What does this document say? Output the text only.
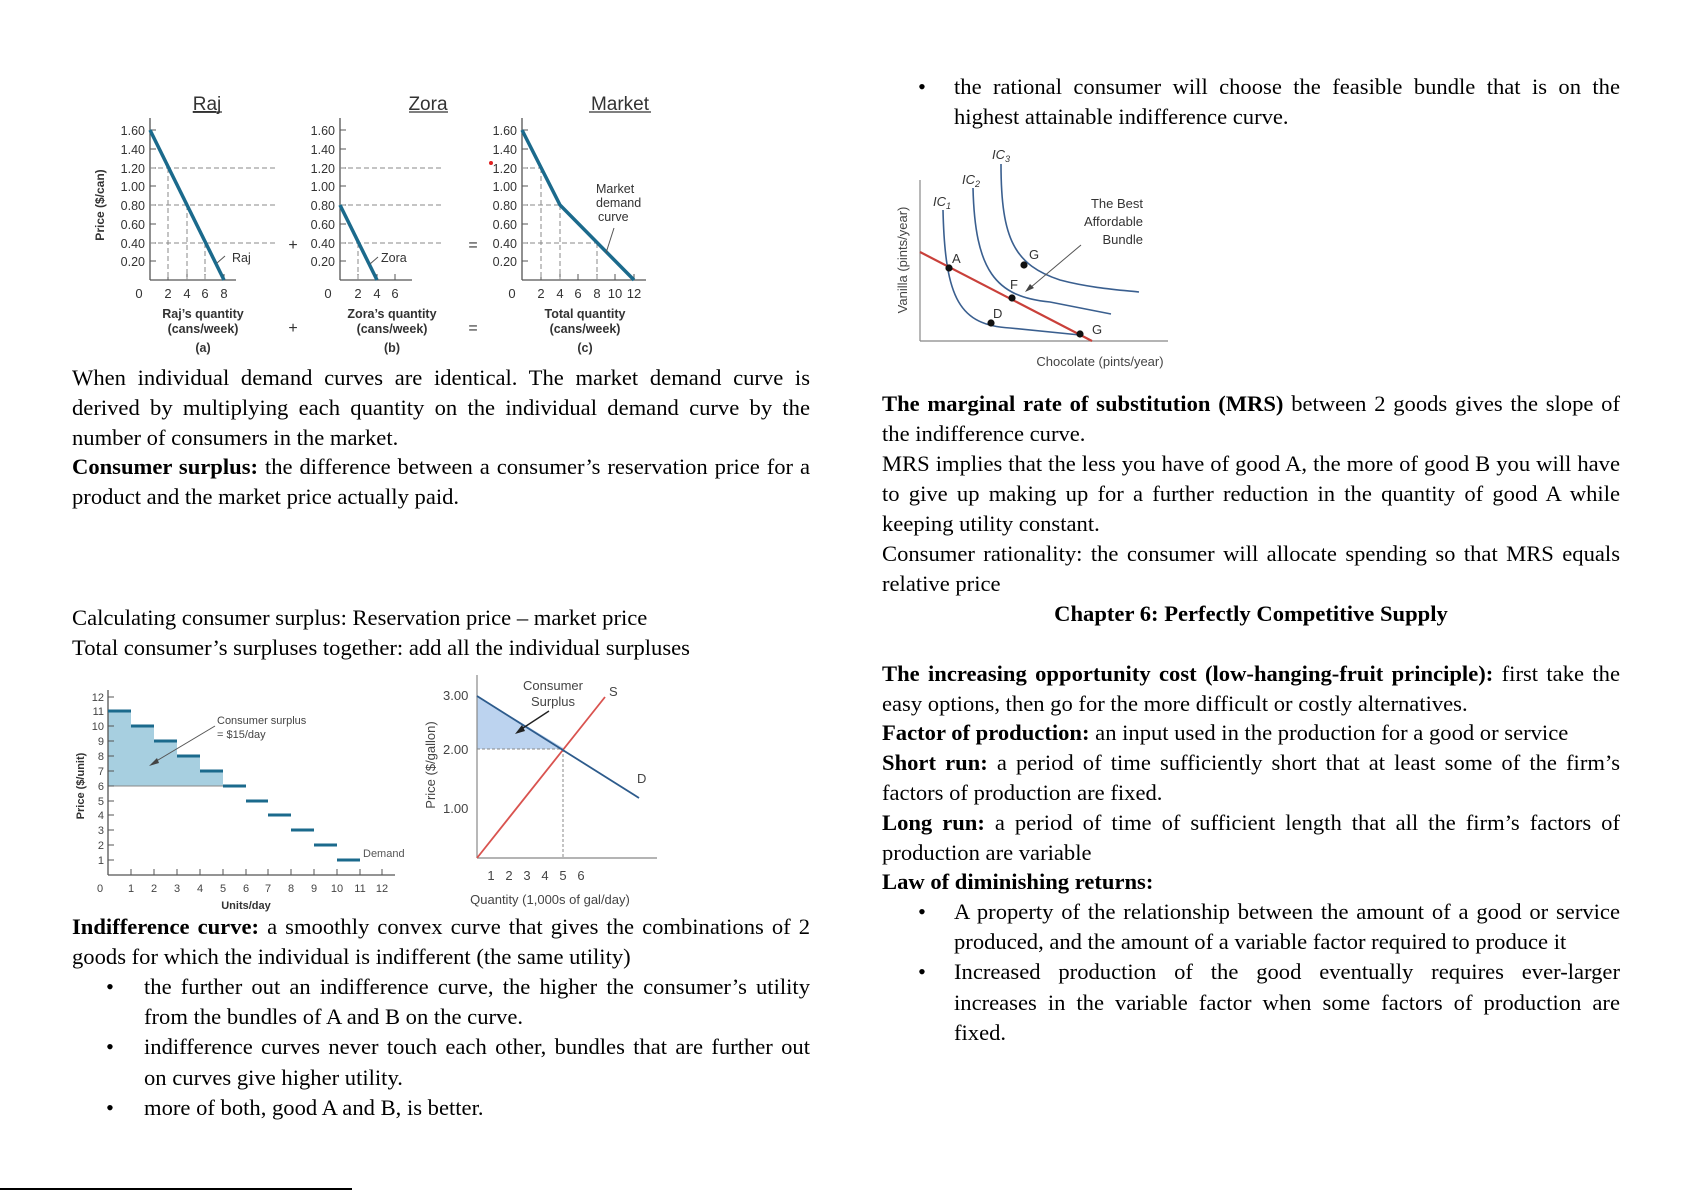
Raj	Zora	Market
Price ($/can)
1.60
1.40
1.20
1.00
0.80
0.60
0.40
0.20	Raj
0 2 4 6 8
Raj’s quantity
(cans/week)
(a)
+
+
1.60
1.40
1.20
1.00
0.80
0.60
0.40
0.20	Zora
0 2 4 6
Zora’s quantity
(cans/week)
(b)
=
=
1.60
1.40
1.20
1.00
0.80
0.60
0.40
0.20
Market
demand
curve
0 2 4 6 8 10 12
Total quantity
(cans/week)
(c)
When individual demand curves are identical. The market demand curve is derived by multiplying each quantity on the individual demand curve by the number of consumers in the market.
Consumer surplus: the difference between a consumer’s reservation price for a product and the market price actually paid.
Calculating consumer surplus: Reservation price – market price
Total consumer’s surpluses together: add all the individual surpluses
12
11
10
9
8
7
6
5
4
3
2
1
Price ($/unit)
0 1 2 3 4 5 6 7 8 9 10 11 12
Units/day
Demand
Consumer surplus
= $15/day
3.00
2.00
1.00
Price ($/gallon)
1 2 3 4 5 6
Quantity (1,000s of gal/day)
Consumer
Surplus
S
D
Indifference curve: a smoothly convex curve that gives the combinations of 2 goods for which the individual is indifferent (the same utility)
• the further out an indifference curve, the higher the consumer’s utility from the bundles of A and B on the curve.
• indifference curves never touch each other, bundles that are further out on curves give higher utility.
• more of both, good A and B, is better.
• the rational consumer will choose the feasible bundle that is on the highest attainable indifference curve.
Vanilla (pints/year)
Chocolate (pints/year)
A
D
F
G
G
$IC_1$
$IC_2$
$IC_3$
The Best
Affordable
Bundle
The marginal rate of substitution (MRS) between 2 goods gives the slope of the indifference curve.
MRS implies that the less you have of good A, the more of good B you will have to give up making up for a further reduction in the quantity of good A while keeping utility constant.
Consumer rationality: the consumer will allocate spending so that MRS equals relative price
Chapter 6: Perfectly Competitive Supply
The increasing opportunity cost (low-hanging-fruit principle): first take the easy options, then go for the more difficult or costly alternatives.
Factor of production: an input used in the production for a good or service
Short run: a period of time sufficiently short that at least some of the firm’s factors of production are fixed.
Long run: a period of time of sufficient length that all the firm’s factors of production are variable
Law of diminishing returns:
• A property of the relationship between the amount of a good or service produced, and the amount of a variable factor required to produce it
• Increased production of the good eventually requires ever-larger increases in the variable factor when some factors of production are fixed.
